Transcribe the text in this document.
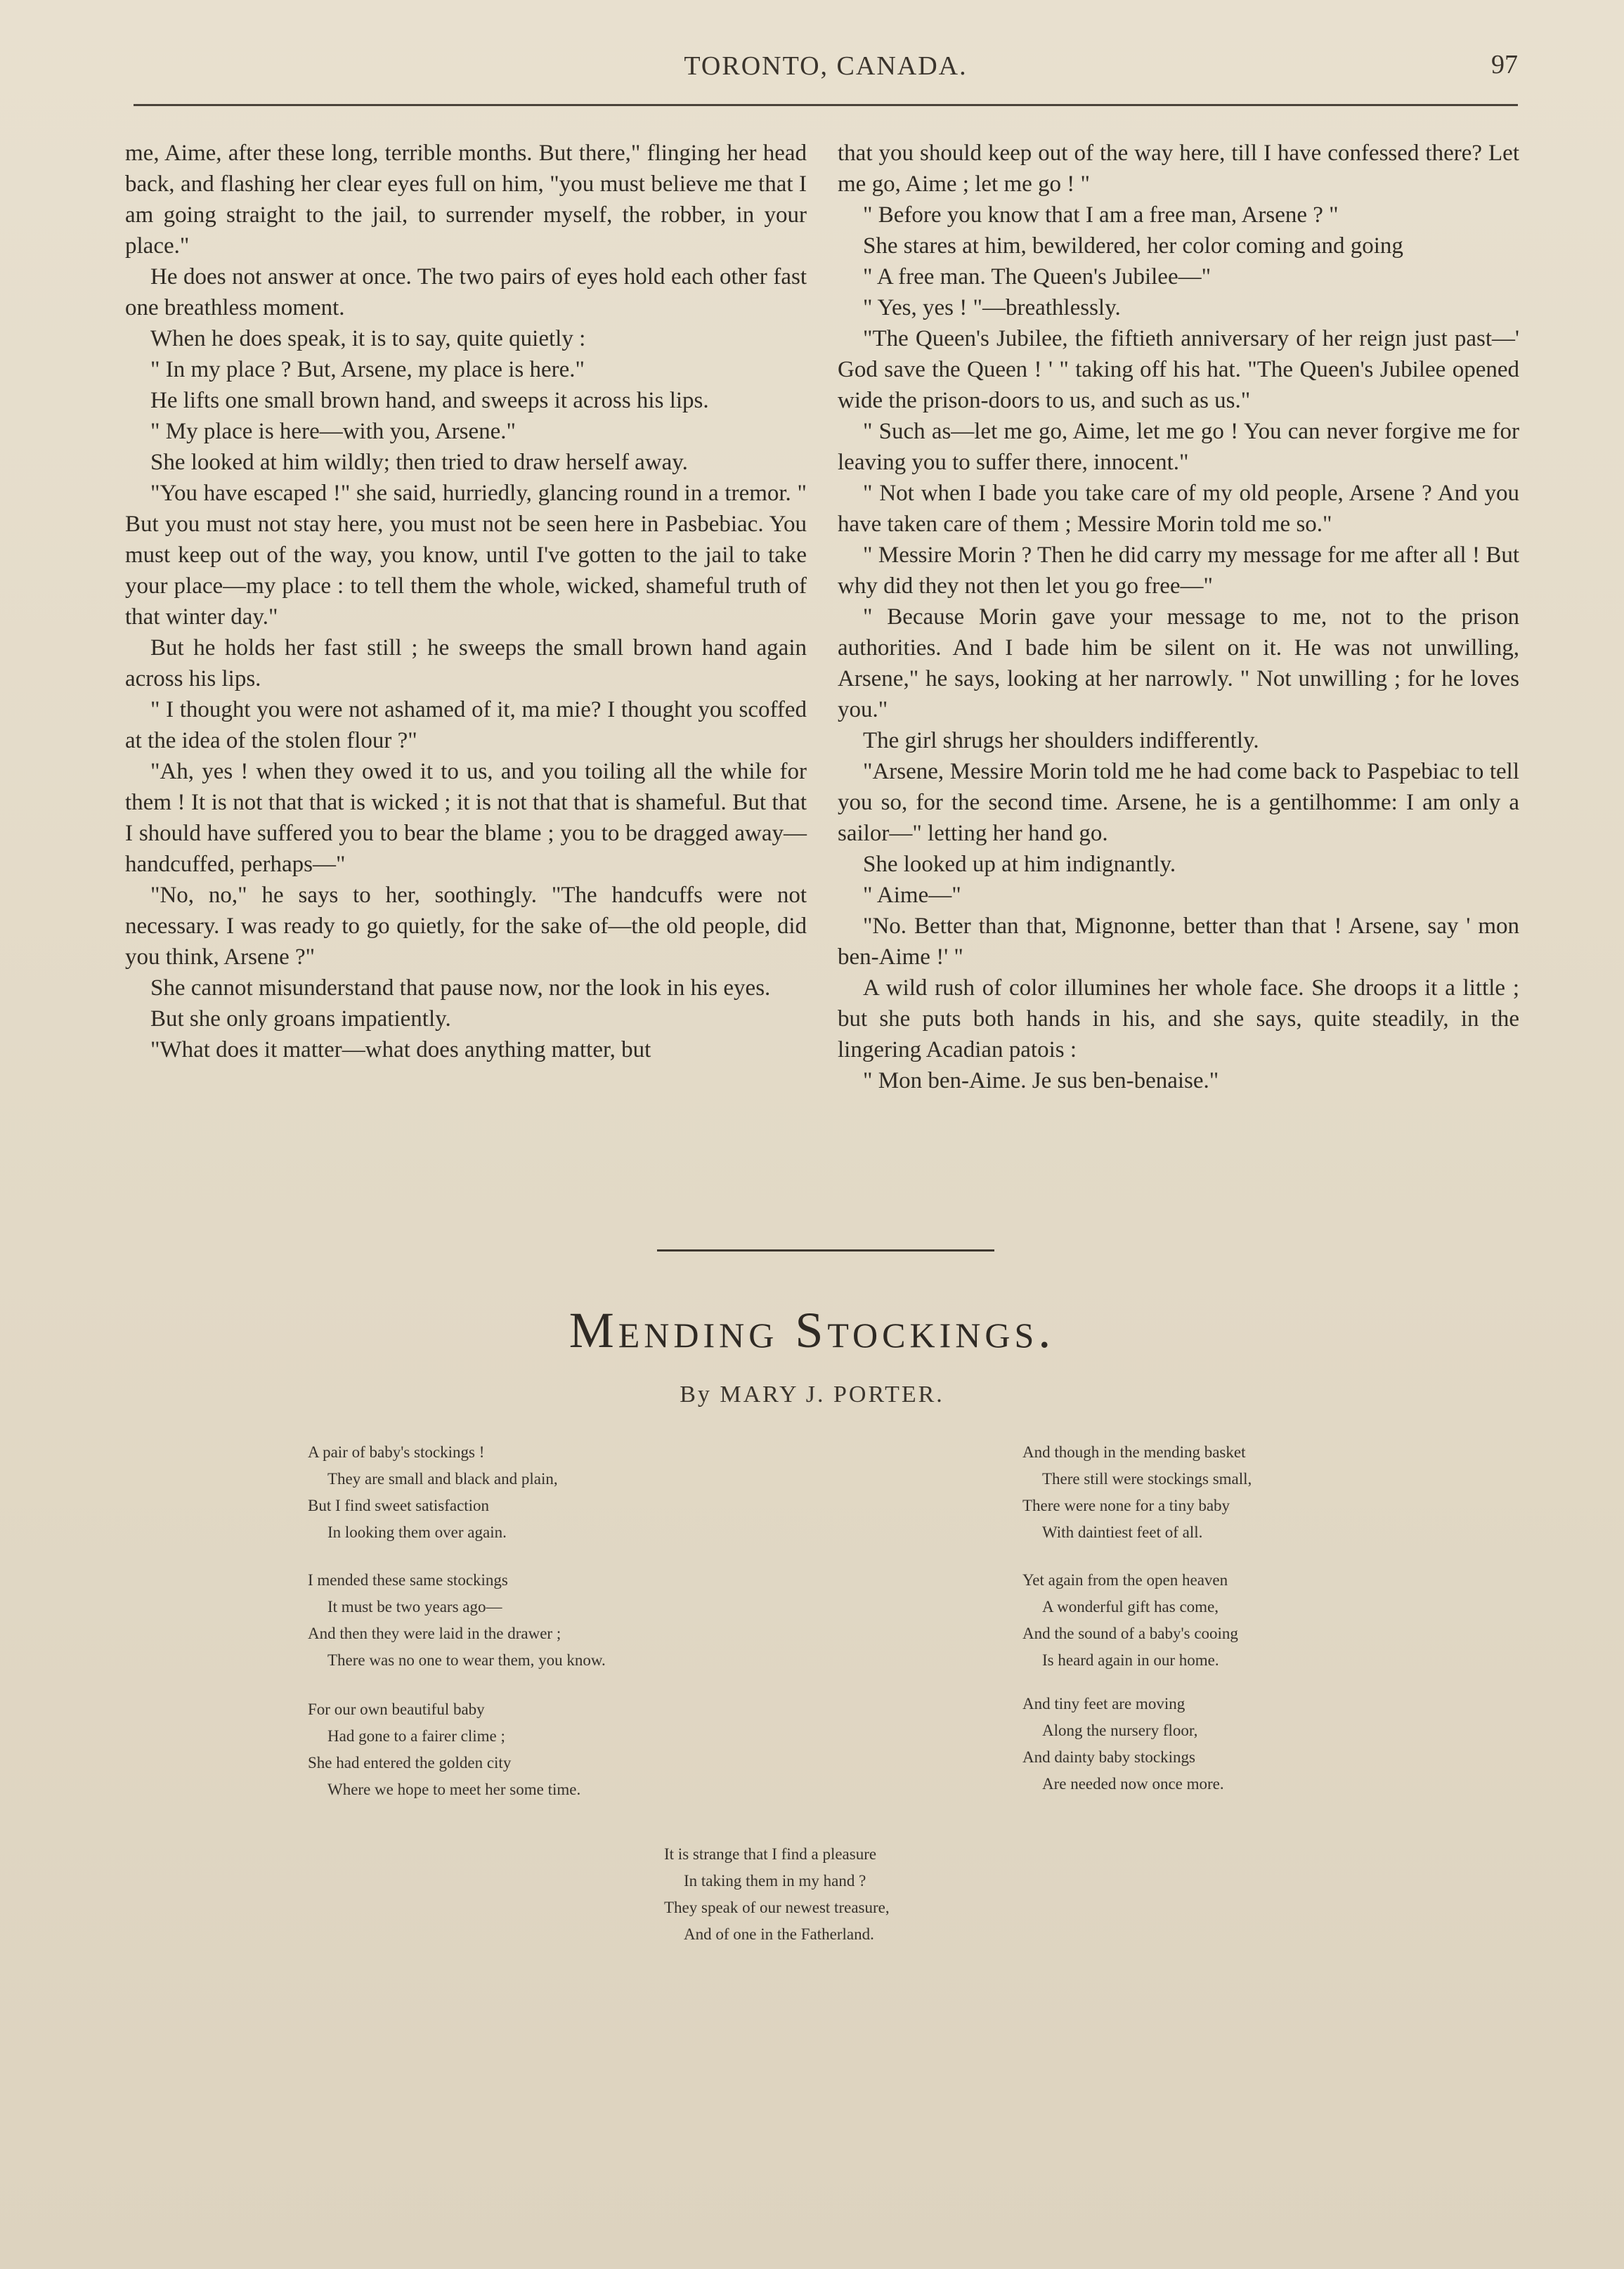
TORONTO, CANADA.	97

me, Aime, after these long, terrible months. But there," flinging her head back, and flashing her clear eyes full on him, "you must believe me that I am going straight to the jail, to surrender myself, the robber, in your place."

He does not answer at once. The two pairs of eyes hold each other fast one breathless moment.

When he does speak, it is to say, quite quietly :

" In my place ? But, Arsene, my place is here."

He lifts one small brown hand, and sweeps it across his lips.

" My place is here—with you, Arsene."

She looked at him wildly; then tried to draw herself away.

"You have escaped !" she said, hurriedly, glancing round in a tremor. " But you must not stay here, you must not be seen here in Pasbebiac. You must keep out of the way, you know, until I've gotten to the jail to take your place—my place : to tell them the whole, wicked, shameful truth of that winter day."

But he holds her fast still ; he sweeps the small brown hand again across his lips.

" I thought you were not ashamed of it, ma mie? I thought you scoffed at the idea of the stolen flour ?"

"Ah, yes ! when they owed it to us, and you toiling all the while for them ! It is not that that is wicked ; it is not that that is shameful. But that I should have suffered you to bear the blame ; you to be dragged away—handcuffed, perhaps—"

"No, no," he says to her, soothingly. "The handcuffs were not necessary. I was ready to go quietly, for the sake of—the old people, did you think, Arsene ?"

She cannot misunderstand that pause now, nor the look in his eyes.

But she only groans impatiently.

"What does it matter—what does anything matter, but

that you should keep out of the way here, till I have confessed there? Let me go, Aime ; let me go ! "

" Before you know that I am a free man, Arsene ? "

She stares at him, bewildered, her color coming and going

" A free man. The Queen's Jubilee—"

" Yes, yes ! "—breathlessly.

"The Queen's Jubilee, the fiftieth anniversary of her reign just past—' God save the Queen ! ' " taking off his hat. "The Queen's Jubilee opened wide the prison-doors to us, and such as us."

" Such as—let me go, Aime, let me go ! You can never forgive me for leaving you to suffer there, innocent."

" Not when I bade you take care of my old people, Arsene ? And you have taken care of them ; Messire Morin told me so."

" Messire Morin ? Then he did carry my message for me after all ! But why did they not then let you go free—"

" Because Morin gave your message to me, not to the prison authorities. And I bade him be silent on it. He was not unwilling, Arsene," he says, looking at her narrowly. " Not unwilling ; for he loves you."

The girl shrugs her shoulders indifferently.

"Arsene, Messire Morin told me he had come back to Paspebiac to tell you so, for the second time. Arsene, he is a gentilhomme: I am only a sailor—" letting her hand go.

She looked up at him indignantly.

" Aime—"

"No. Better than that, Mignonne, better than that ! Arsene, say ' mon ben-Aime !' "

A wild rush of color illumines her whole face. She droops it a little ; but she puts both hands in his, and she says, quite steadily, in the lingering Acadian patois :

" Mon ben-Aime. Je sus ben-benaise."

Mending Stockings.
By MARY J. PORTER.
A pair of baby's stockings !
They are small and black and plain,
But I find sweet satisfaction
In looking them over again.
I mended these same stockings
It must be two years ago—
And then they were laid in the drawer ;
There was no one to wear them, you know.
For our own beautiful baby
Had gone to a fairer clime ;
She had entered the golden city
Where we hope to meet her some time.
And though in the mending basket
There still were stockings small,
There were none for a tiny baby
With daintiest feet of all.
Yet again from the open heaven
A wonderful gift has come,
And the sound of a baby's cooing
Is heard again in our home.
And tiny feet are moving
Along the nursery floor,
And dainty baby stockings
Are needed now once more.
It is strange that I find a pleasure
In taking them in my hand ?
They speak of our newest treasure,
And of one in the Fatherland.
